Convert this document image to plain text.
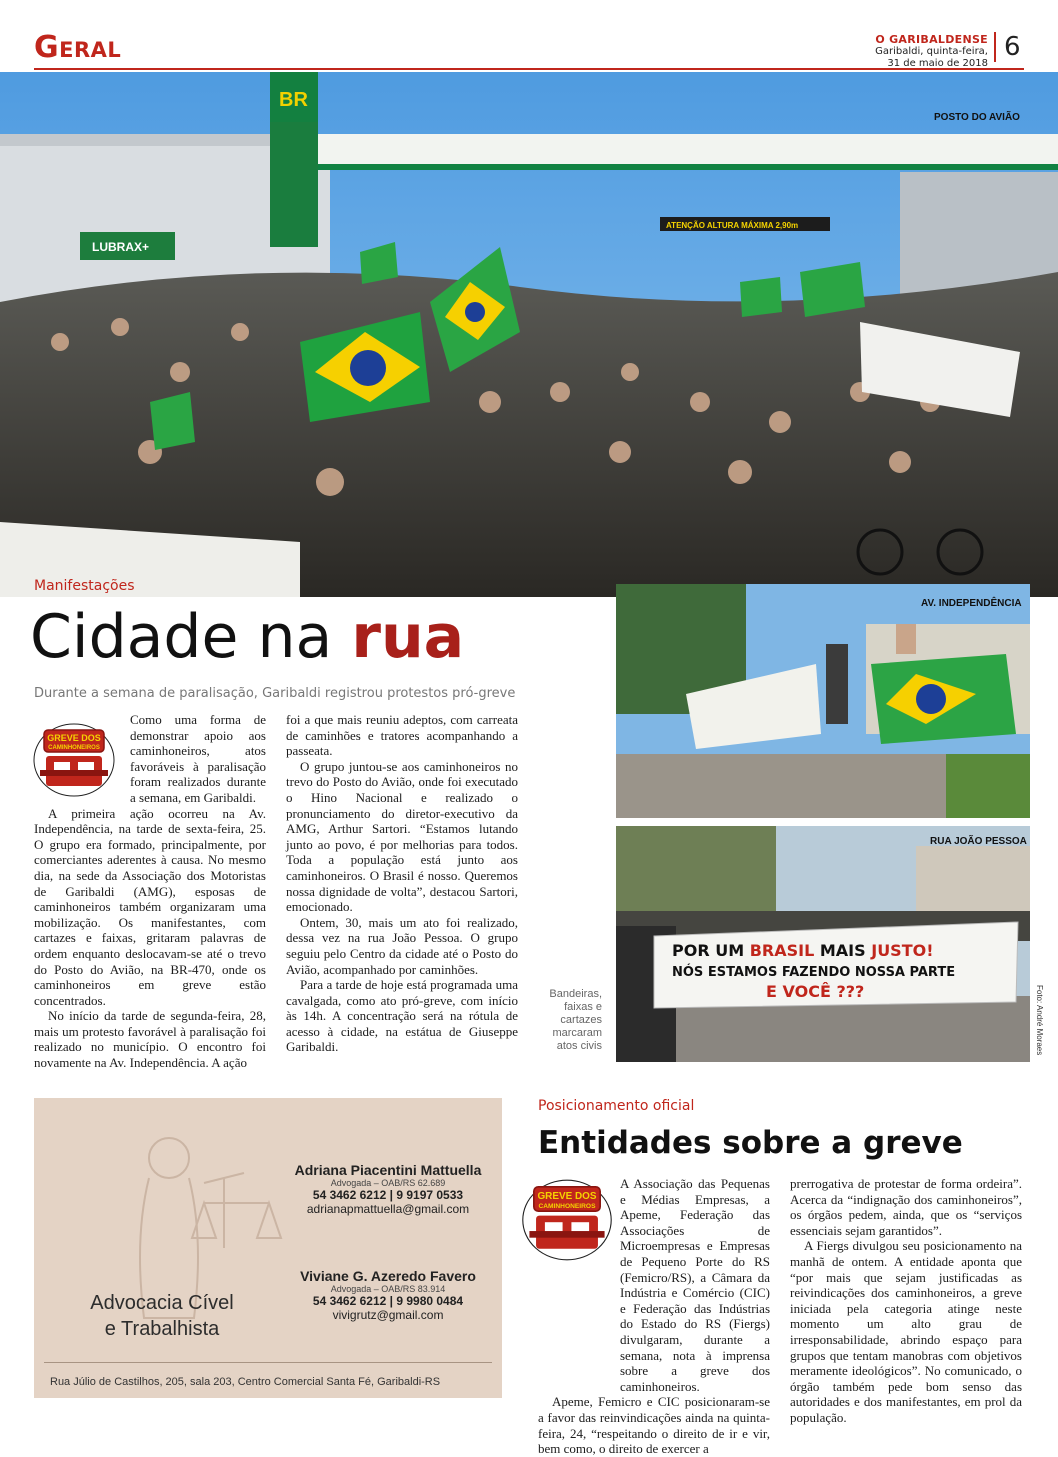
Geral	O GARIBALDENSE
Garibaldi, quinta-feira,
31 de maio de 2018
6
LUBRAX+
ATENÇÃO ALTURA MÁXIMA 2,90m
BR
POSTO DO AVIÃO
Manifestações
Cidade na rua
Durante a semana de paralisação, Garibaldi registrou protestos pró-greve
GREVE DOS
CAMINHONEIROS

Como uma forma de demonstrar apoio aos caminhoneiros, atos favoráveis à paralisação foram realizados durante a semana, em Garibaldi.

A primeira ação ocorreu na Av. Independência, na tarde de sexta-feira, 25. O grupo era formado, principalmente, por comerciantes aderentes à causa. No mesmo dia, na sede da Associação dos Motoristas de Garibaldi (AMG), esposas de caminhoneiros também organizaram uma mobilização. Os manifestantes, com cartazes e faixas, gritaram palavras de ordem enquanto deslocavam-se até o trevo do Posto do Avião, na BR-470, onde os caminhoneiros em greve estão concentrados.

No início da tarde de segunda-feira, 28, mais um protesto favorável à paralisação foi realizado no município. O encontro foi novamente na Av. Independência. A ação

foi a que mais reuniu adeptos, com carreata de caminhões e tratores acompanhando a passeata.

O grupo juntou-se aos caminhoneiros no trevo do Posto do Avião, onde foi executado o Hino Nacional e realizado o pronunciamento do diretor-executivo da AMG, Arthur Sartori. “Estamos lutando junto ao povo, é por melhorias para todos. Toda a população está junto aos caminhoneiros. O Brasil é nosso. Queremos nossa dignidade de volta”, destacou Sartori, emocionado.

Ontem, 30, mais um ato foi realizado, dessa vez na rua João Pessoa. O grupo seguiu pelo Centro da cidade até o Posto do Avião, acompanhado por caminhões.

Para a tarde de hoje está programada uma cavalgada, como ato pró-greve, com início às 14h. A concentração será na rótula de acesso à cidade, na estátua de Giuseppe Garibaldi.

AV. INDEPENDÊNCIA
POR UM BRASIL MAIS JUSTO!
NÓS ESTAMOS FAZENDO NOSSA PARTE
E VOCÊ ???
RUA JOÃO PESSOA
Bandeiras,
faixas e
cartazes
marcaram
atos civis	Foto: André Moraes
Adriana Piacentini Mattuella
Advogada – OAB/RS 62.689
54 3462 6212 | 9 9197 0533
adrianapmattuella@gmail.com
Viviane G. Azeredo Favero
Advogada – OAB/RS 83.914
54 3462 6212 | 9 9980 0484
vivigrutz@gmail.com
Advocacia Cível
e Trabalhista
Rua Júlio de Castilhos, 205, sala 203, Centro Comercial Santa Fé, Garibaldi-RS
Posicionamento oficial
Entidades sobre a greve
GREVE DOS
CAMINHONEIROS

A Associação das Pequenas e Médias Empresas, a Apeme, Federação das Associações de Microempresas e Empresas de Pequeno Porte do RS (Femicro/RS), a Câmara da Indústria e Comércio (CIC) e Federação das Indústrias do Estado do RS (Fiergs) divulgaram, durante a semana, nota à imprensa sobre a greve dos caminhoneiros.

Apeme, Femicro e CIC posicionaram-se a favor das reinvindicações ainda na quinta-feira, 24, “respeitando o direito de ir e vir, bem como, o direito de exercer a

prerrogativa de protestar de forma ordeira”. Acerca da “indignação dos caminhoneiros”, os órgãos pedem, ainda, que os “serviços essenciais sejam garantidos”.

A Fiergs divulgou seu posicionamento na manhã de ontem. A entidade aponta que “por mais que sejam justificadas as reivindicações dos caminhoneiros, a greve iniciada pela categoria atinge neste momento um alto grau de irresponsabilidade, abrindo espaço para grupos que tentam manobras com objetivos meramente ideológicos”. No comunicado, o órgão também pede bom senso das autoridades e dos manifestantes, em prol da população.
